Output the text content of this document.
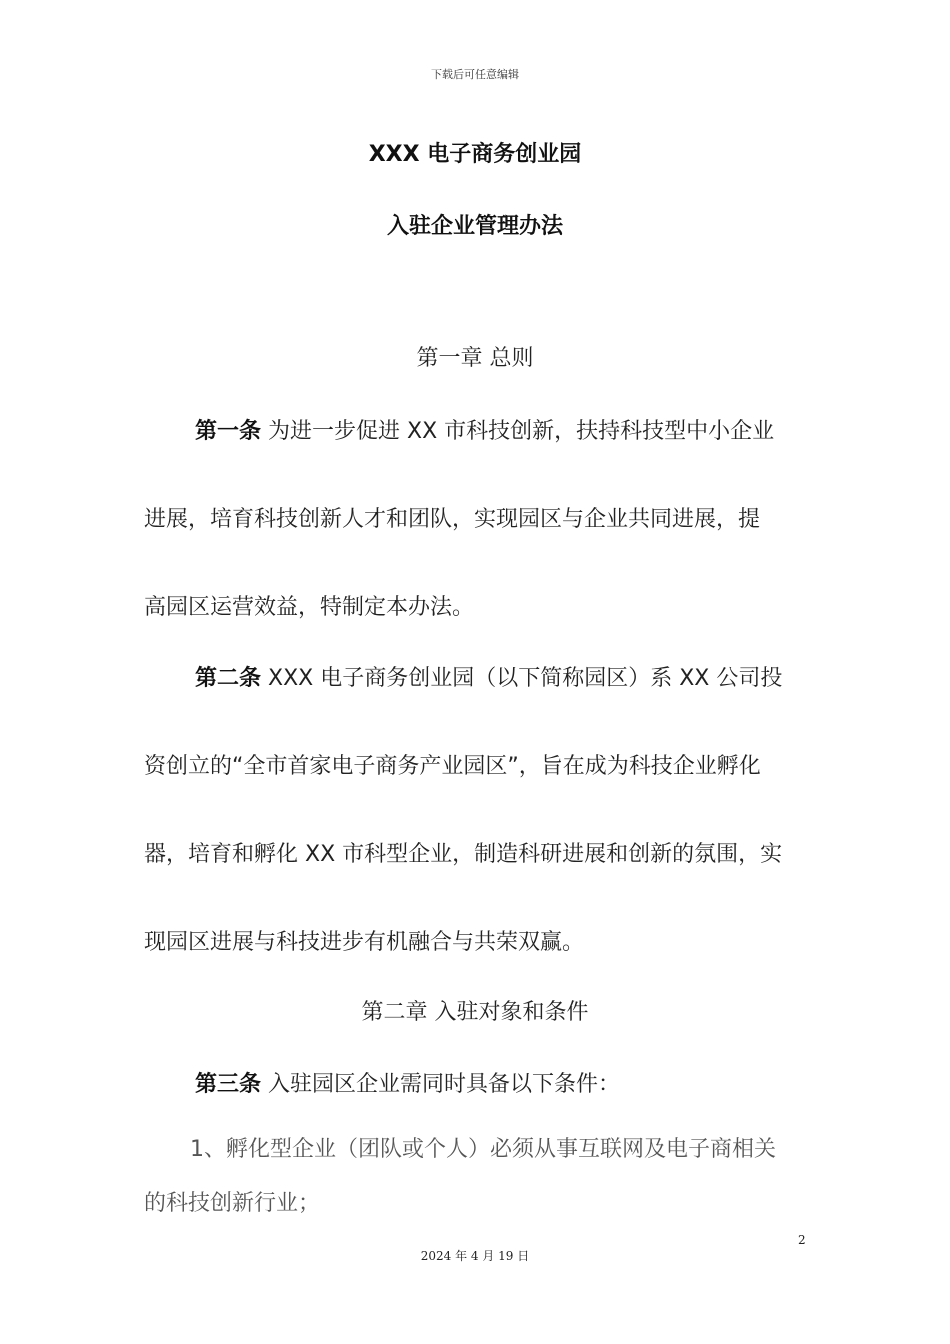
下载后可任意编辑
XXX 电子商务创业园
入驻企业管理办法
第一章 总则
第一条 为进一步促进 XX 市科技创新，扶持科技型中小企业
进展，培育科技创新人才和团队，实现园区与企业共同进展，提
高园区运营效益，特制定本办法。
第二条 XXX 电子商务创业园（以下简称园区）系 XX 公司投
资创立的“全市首家电子商务产业园区”，旨在成为科技企业孵化
器，培育和孵化 XX 市科型企业，制造科研进展和创新的氛围，实
现园区进展与科技进步有机融合与共荣双赢。
第二章 入驻对象和条件
第三条 入驻园区企业需同时具备以下条件：
1、孵化型企业（团队或个人）必须从事互联网及电子商相关
的科技创新行业；
2
2024 年 4 月 19 日
